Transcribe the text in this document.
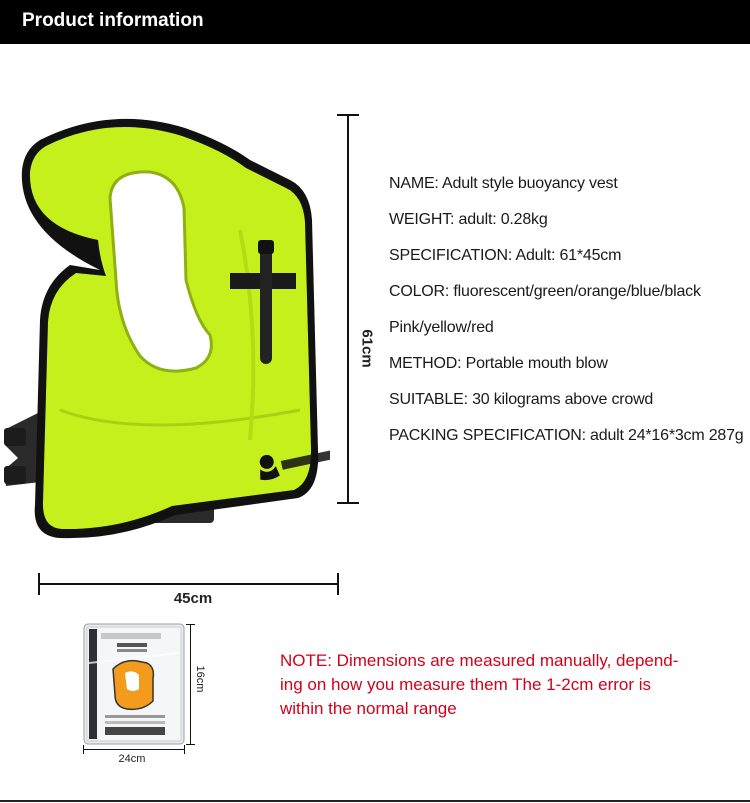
Product information
61cm
45cm
NAME: Adult style buoyancy vest
WEIGHT: adult: 0.28kg
SPECIFICATION: Adult: 61*45cm
COLOR: fluorescent/green/orange/blue/black
Pink/yellow/red
METHOD: Portable mouth blow
SUITABLE: 30 kilograms above crowd
PACKING SPECIFICATION: adult 24*16*3cm 287g
16cm
24cm
NOTE: Dimensions are measured manually, depend-
ing on how you measure them The 1-2cm error is
within the normal range
